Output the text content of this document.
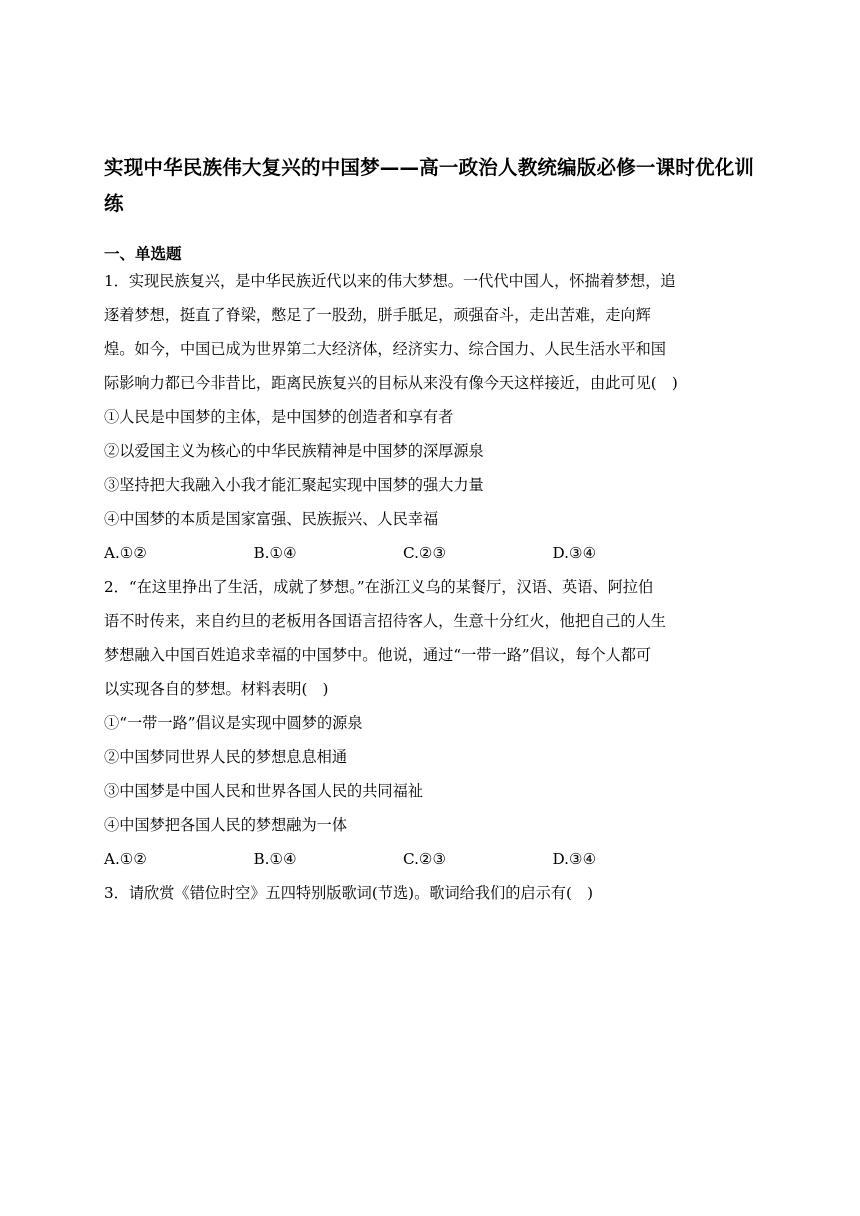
实现中华民族伟大复兴的中国梦——高一政治人教统编版必修一课时优化训练
一、单选题
1．实现民族复兴，是中华民族近代以来的伟大梦想。一代代中国人，怀揣着梦想，追
逐着梦想，挺直了脊梁，憋足了一股劲，胼手胝足，顽强奋斗，走出苦难，走向辉
煌。如今，中国已成为世界第二大经济体，经济实力、综合国力、人民生活水平和国
际影响力都已今非昔比，距离民族复兴的目标从来没有像今天这样接近，由此可见(　)
①人民是中国梦的主体，是中国梦的创造者和享有者
②以爱国主义为核心的中华民族精神是中国梦的深厚源泉
③坚持把大我融入小我才能汇聚起实现中国梦的强大力量
④中国梦的本质是国家富强、民族振兴、人民幸福
A.①②	B.①④	C.②③	D.③④
2．“在这里挣出了生活，成就了梦想。”在浙江义乌的某餐厅，汉语、英语、阿拉伯
语不时传来，来自约旦的老板用各国语言招待客人，生意十分红火，他把自己的人生
梦想融入中国百姓追求幸福的中国梦中。他说，通过“一带一路”倡议，每个人都可
以实现各自的梦想。材料表明(　)
①“一带一路”倡议是实现中圆梦的源泉
②中国梦同世界人民的梦想息息相通
③中国梦是中国人民和世界各国人民的共同福祉
④中国梦把各国人民的梦想融为一体
A.①②	B.①④	C.②③	D.③④
3．请欣赏《错位时空》五四特别版歌词(节选)。歌词给我们的启示有(　)
